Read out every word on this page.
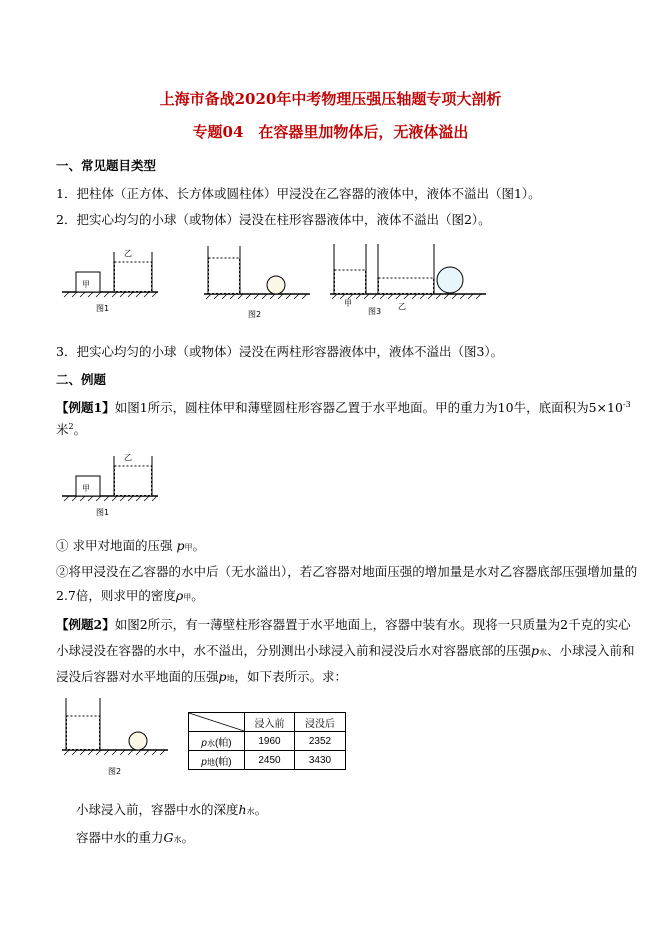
上海市备战2020年中考物理压强压轴题专项大剖析
专题04　在容器里加物体后，无液体溢出
一、常见题目类型
1．把柱体（正方体、长方体或圆柱体）甲浸没在乙容器的液体中，液体不溢出（图1）。
2．把实心均匀的小球（或物体）浸没在柱形容器液体中，液体不溢出（图2）。
甲
乙
图1
图2
甲	乙
图3
3．把实心均匀的小球（或物体）浸没在两柱形容器液体中，液体不溢出（图3）。
二、例题
【例题1】如图1所示，圆柱体甲和薄壁圆柱形容器乙置于水平地面。甲的重力为10牛，底面积为$5\times 10^{-3}$
米$^2$。
甲
乙
图1
① 求甲对地面的压强 p甲。
②将甲浸没在乙容器的水中后（无水溢出），若乙容器对地面压强的增加量是水对乙容器底部压强增加量的
2.7倍，则求甲的密度ρ甲。
【例题2】如图2所示，有一薄壁柱形容器置于水平地面上，容器中装有水。现将一只质量为2千克的实心
小球浸没在容器的水中，水不溢出，分别测出小球浸入前和浸没后水对容器底部的压强p水、小球浸入前和
浸没后容器对水平地面的压强p地，如下表所示。求：
图2
	浸入前	浸没后
p水(帕)	1960	2352
p地(帕)	2450	3430
小球浸入前，容器中水的深度h水。
容器中水的重力G水。
